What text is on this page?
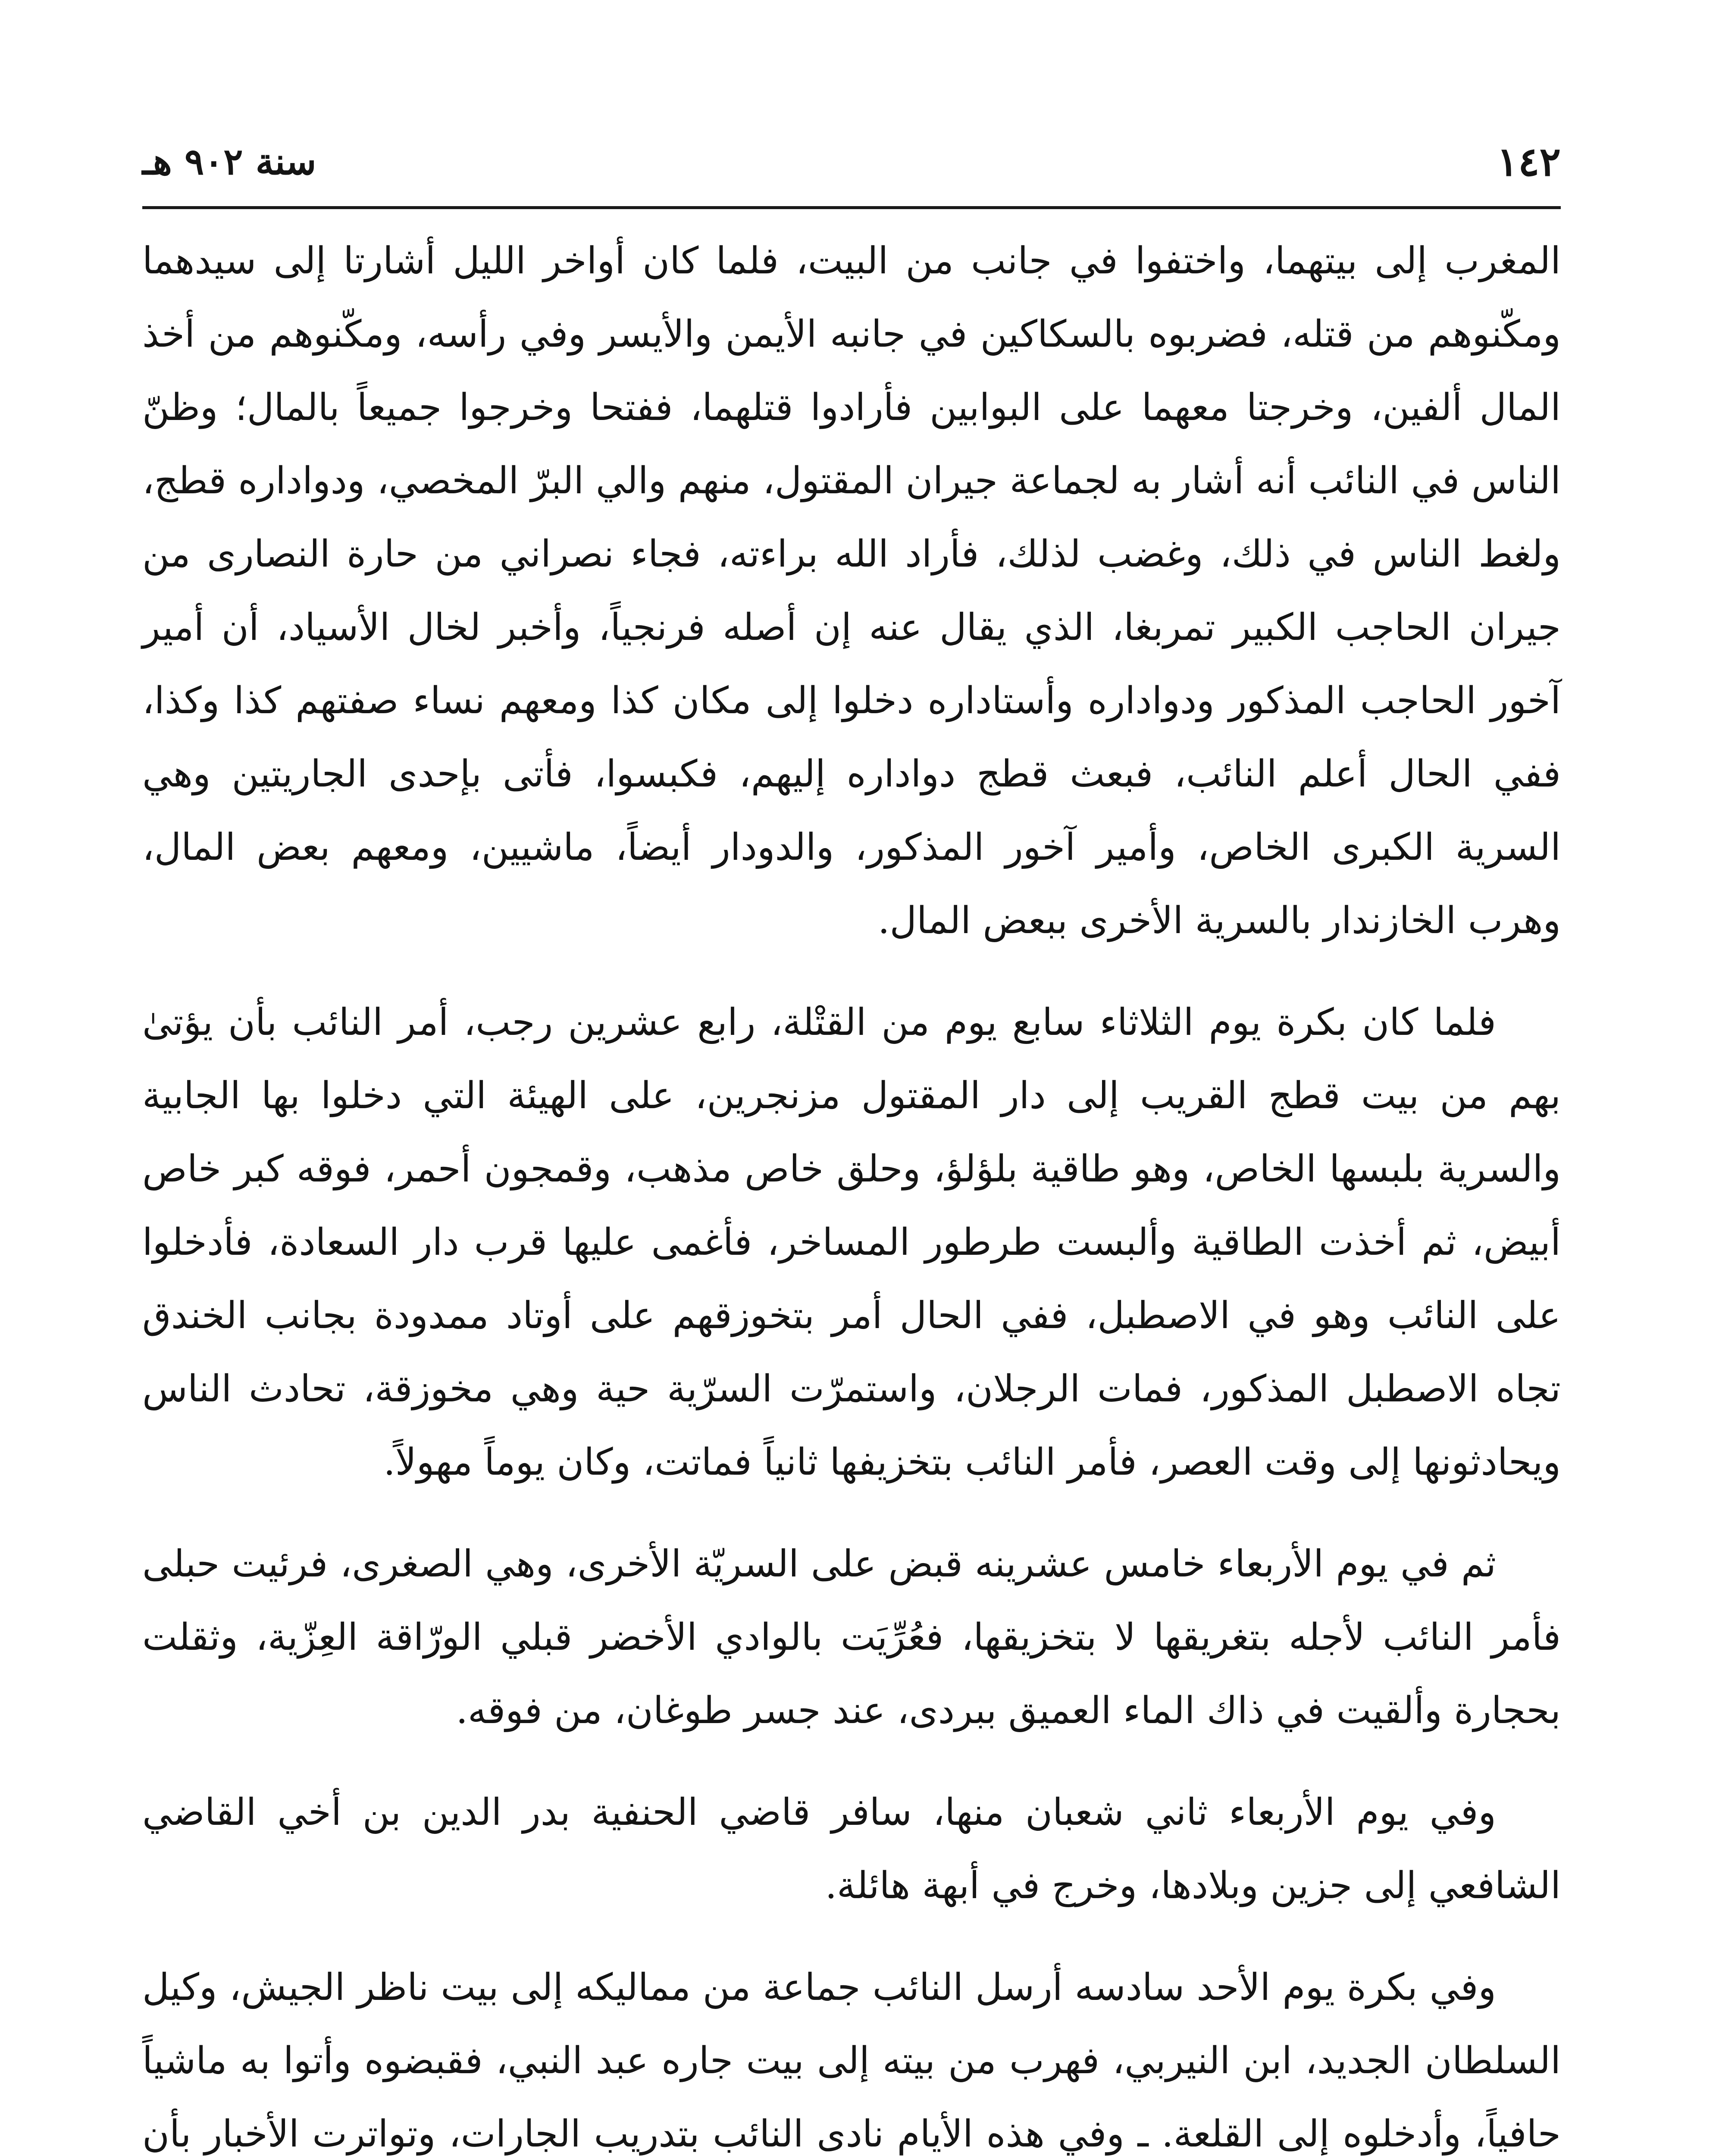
١٤٢
سنة ٩٠٢ هـ

المغرب إلى بيتهما، واختفوا في جانب من البيت، فلما كان أواخر الليل أشارتا إلى سيدهما ومكّنوهم من قتله، فضربوه بالسكاكين في جانبه الأيمن والأيسر وفي رأسه، ومكّنوهم من أخذ المال ألفين، وخرجتا معهما على البوابين فأرادوا قتلهما، ففتحا وخرجوا جميعاً بالمال؛ وظنّ الناس في النائب أنه أشار به لجماعة جيران المقتول، منهم والي البرّ المخصي، ودواداره قطج، ولغط الناس في ذلك، وغضب لذلك، فأراد الله براءته، فجاء نصراني من حارة النصارى من جيران الحاجب الكبير تمربغا، الذي يقال عنه إن أصله فرنجياً، وأخبر لخال الأسياد، أن أمير آخور الحاجب المذكور ودواداره وأستاداره دخلوا إلى مكان كذا ومعهم نساء صفتهم كذا وكذا، ففي الحال أعلم النائب، فبعث قطج دواداره إليهم، فكبسوا، فأتى بإحدى الجاريتين وهي السرية الكبرى الخاص، وأمير آخور المذكور، والدودار أيضاً، ماشيين، ومعهم بعض المال، وهرب الخازندار بالسرية الأخرى ببعض المال.

فلما كان بكرة يوم الثلاثاء سابع يوم من القتْلة، رابع عشرين رجب، أمر النائب بأن يؤتىٰ بهم من بيت قطج القريب إلى دار المقتول مزنجرين، على الهيئة التي دخلوا بها الجابية والسرية بلبسها الخاص، وهو طاقية بلؤلؤ، وحلق خاص مذهب، وقمجون أحمر، فوقه كبر خاص أبيض، ثم أخذت الطاقية وألبست طرطور المساخر، فأغمى عليها قرب دار السعادة، فأدخلوا على النائب وهو في الاصطبل، ففي الحال أمر بتخوزقهم على أوتاد ممدودة بجانب الخندق تجاه الاصطبل المذكور، فمات الرجلان، واستمرّت السرّية حية وهي مخوزقة، تحادث الناس ويحادثونها إلى وقت العصر، فأمر النائب بتخزيفها ثانياً فماتت، وكان يوماً مهولاً.

ثم في يوم الأربعاء خامس عشرينه قبض على السريّة الأخرى، وهي الصغرى، فرئيت حبلى فأمر النائب لأجله بتغريقها لا بتخزيقها، فعُرِّيَت بالوادي الأخضر قبلي الورّاقة العِزّية، وثقلت بحجارة وألقيت في ذاك الماء العميق ببردى، عند جسر طوغان، من فوقه.

وفي يوم الأربعاء ثاني شعبان منها، سافر قاضي الحنفية بدر الدين بن أخي القاضي الشافعي إلى جزين وبلادها، وخرج في أبهة هائلة.

وفي بكرة يوم الأحد سادسه أرسل النائب جماعة من مماليكه إلى بيت ناظر الجيش، وكيل السلطان الجديد، ابن النيربي، فهرب من بيته إلى بيت جاره عبد النبي، فقبضوه وأتوا به ماشياً حافياً، وأدخلوه إلى القلعة. ـ وفي هذه الأيام نادى النائب بتدريب الجارات، وتواترت الأخبار بأن
